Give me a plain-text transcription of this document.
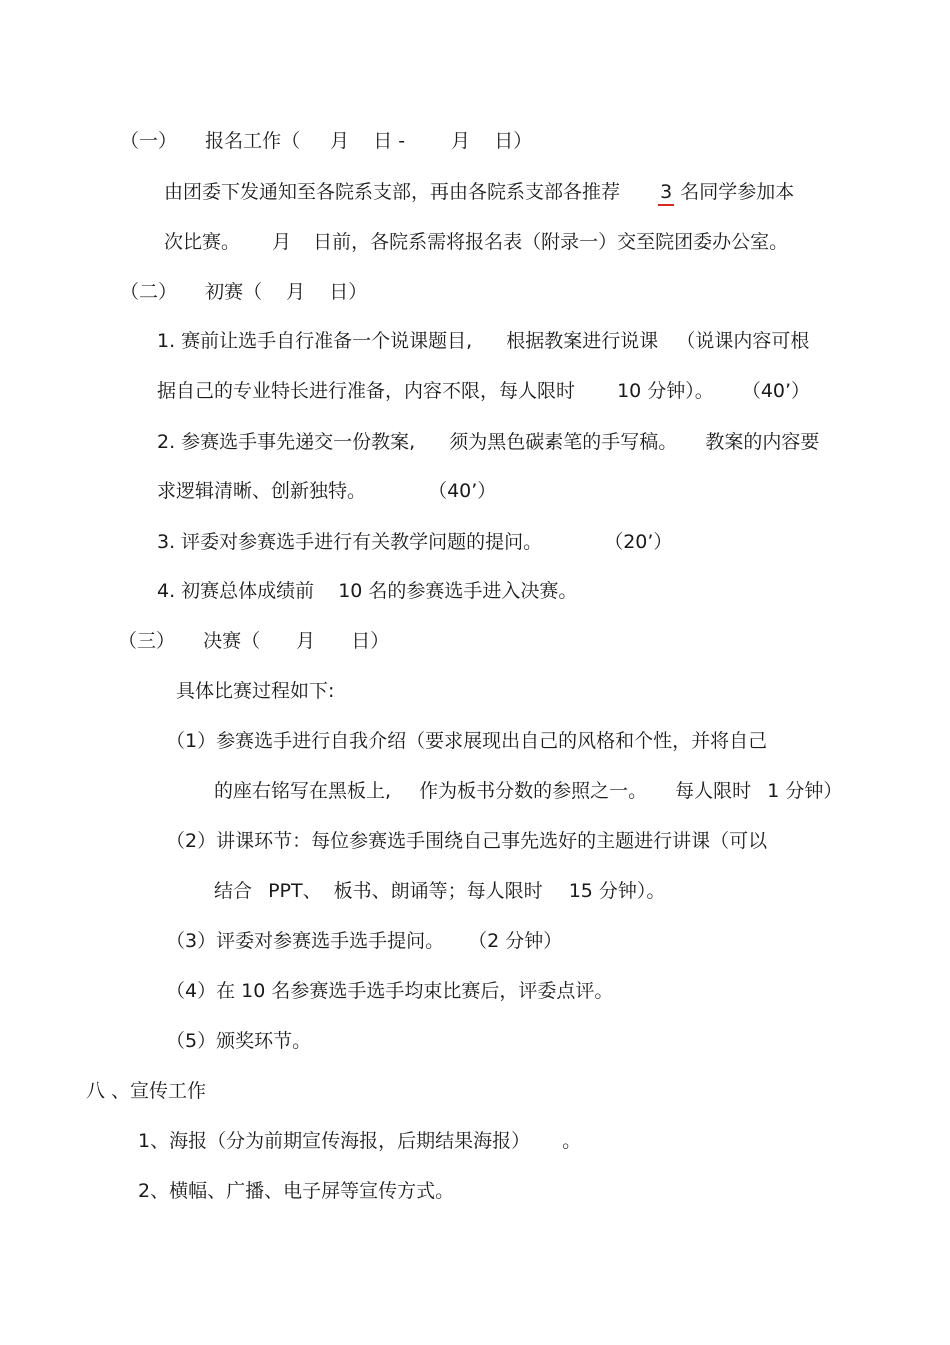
（一） 报名工作（ 月 日 - 月 日）
由团委下发通知至各院系支部，再由各院系支部各推荐 3 名同学参加本
次比赛。 月 日前，各院系需将报名表（附录一）交至院团委办公室。
（二） 初赛（ 月 日）
1. 赛前让选手自行准备一个说课题目, 根据教案进行说课 （说课内容可根
据自己的专业特长进行准备，内容不限，每人限时 10 分钟）。 （40’）
2. 参赛选手事先递交一份教案, 须为黑色碳素笔的手写稿。 教案的内容要
求逻辑清晰、创新独特。	（40’）
3. 评委对参赛选手进行有关教学问题的提问。	（20’）
4. 初赛总体成绩前 10 名的参赛选手进入决赛。
（三） 决赛（ 月 日）
具体比赛过程如下:
（1）参赛选手进行自我介绍（要求展现出自己的风格和个性，并将自己
的座右铭写在黑板上, 作为板书分数的参照之一。 每人限时 1 分钟）
（2）讲课环节：每位参赛选手围绕自己事先选好的主题进行讲课（可以
结合 PPT、 板书、朗诵等；每人限时 15 分钟）。
（3）评委对参赛选手选手提问。 （2 分钟）
（4）在 10 名参赛选手选手均束比赛后，评委点评。
（5）颁奖环节。
八 、宣传工作
1、海报（分为前期宣传海报，后期结果海报） 。
2、横幅、广播、电子屏等宣传方式。
